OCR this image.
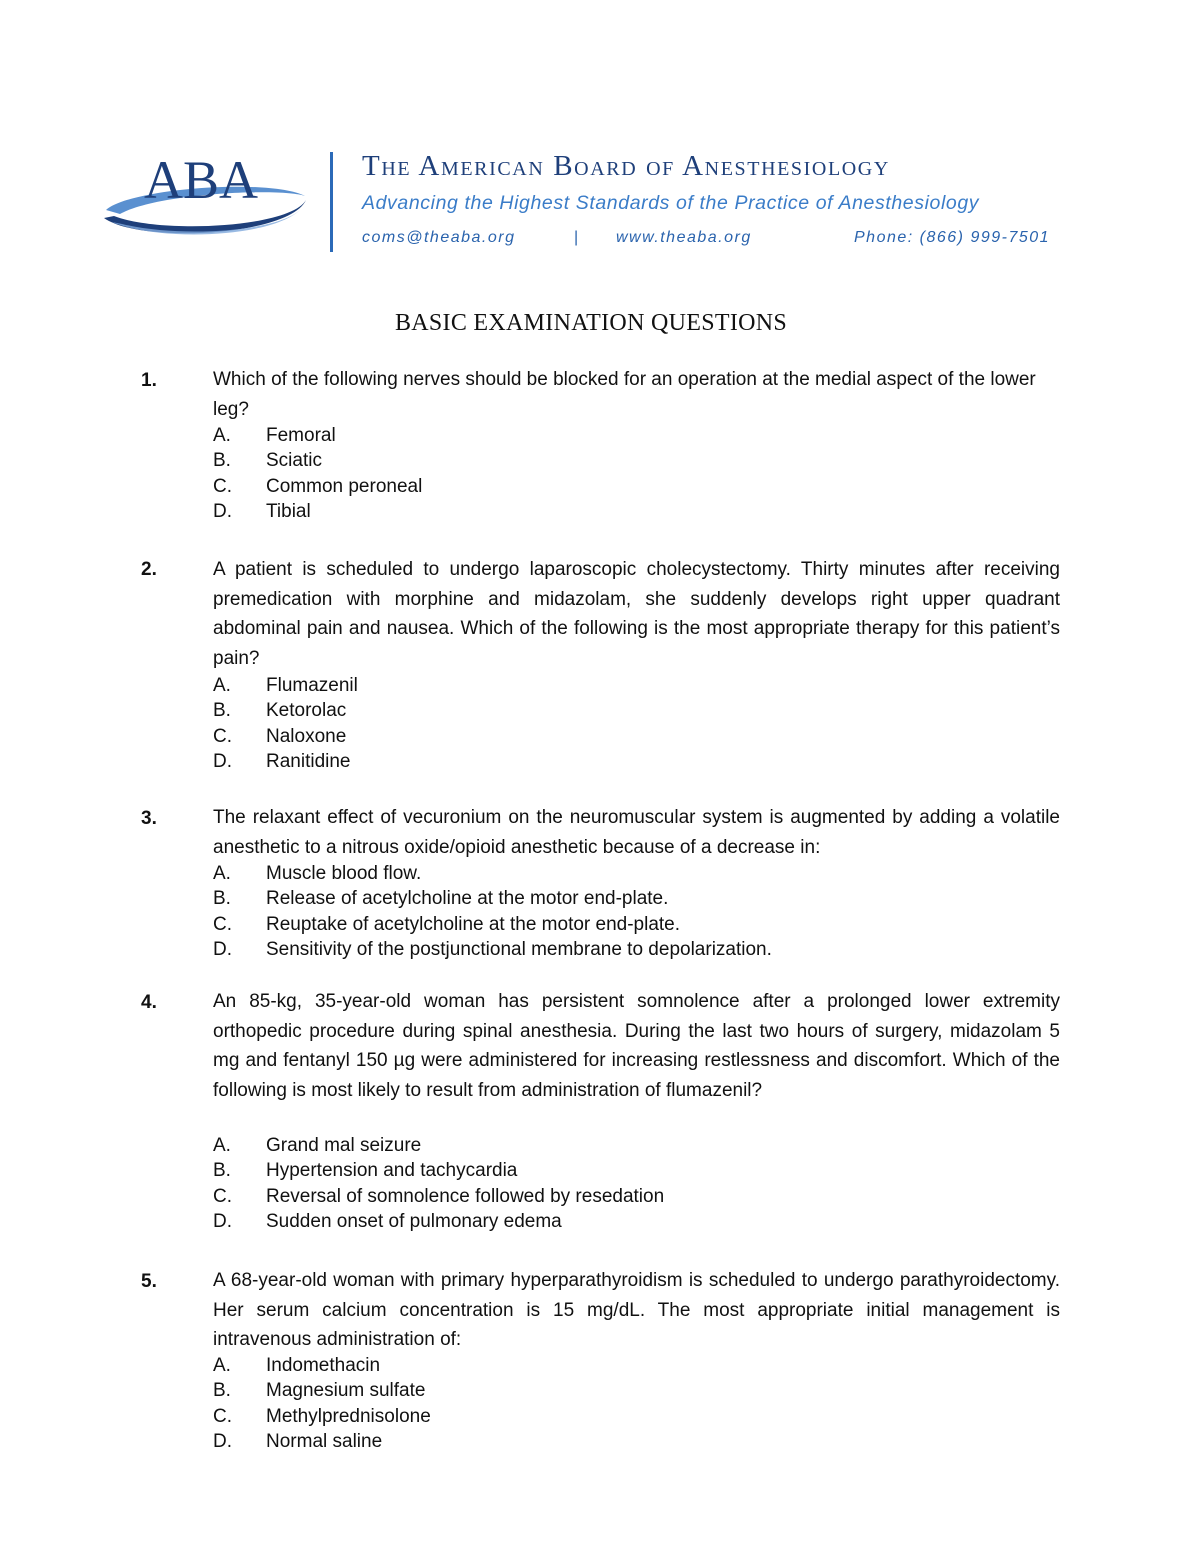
ABA	The American Board of Anesthesiology
Advancing the Highest Standards of the Practice of Anesthesiology
coms@theaba.org	| www.theaba.org	Phone: (866) 999-7501
BASIC EXAMINATION QUESTIONS
1.	Which of the following nerves should be blocked for an operation at the medial aspect of the lower leg?
A. Femoral
B. Sciatic
C. Common peroneal
D. Tibial
2.	A patient is scheduled to undergo laparoscopic cholecystectomy. Thirty minutes after receiving premedication with morphine and midazolam, she suddenly develops right upper quadrant abdominal pain and nausea. Which of the following is the most appropriate therapy for this patient’s pain?
A. Flumazenil
B. Ketorolac
C. Naloxone
D. Ranitidine
3.	The relaxant effect of vecuronium on the neuromuscular system is augmented by adding a volatile anesthetic to a nitrous oxide/opioid anesthetic because of a decrease in:
A. Muscle blood flow.
B. Release of acetylcholine at the motor end-plate.
C. Reuptake of acetylcholine at the motor end-plate.
D. Sensitivity of the postjunctional membrane to depolarization.
4.	An 85-kg, 35-year-old woman has persistent somnolence after a prolonged lower extremity orthopedic procedure during spinal anesthesia. During the last two hours of surgery, midazolam 5 mg and fentanyl 150 µg were administered for increasing restlessness and discomfort. Which of the following is most likely to result from administration of flumazenil?
A. Grand mal seizure
B. Hypertension and tachycardia
C. Reversal of somnolence followed by resedation
D. Sudden onset of pulmonary edema
5.	A 68-year-old woman with primary hyperparathyroidism is scheduled to undergo parathyroidectomy. Her serum calcium concentration is 15 mg/dL. The most appropriate initial management is intravenous administration of:
A. Indomethacin
B. Magnesium sulfate
C. Methylprednisolone
D. Normal saline
